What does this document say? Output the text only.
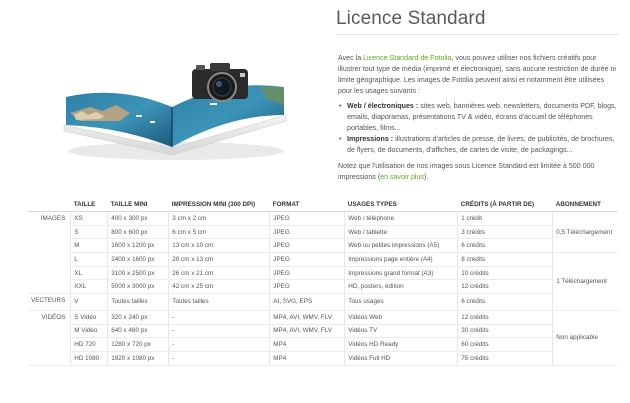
Licence Standard

Avec la Licence Standard de Fotolia, vous pouvez utiliser nos fichiers créatifs pour illustrer tout type de média (imprimé et électronique), sans aucune restriction de durée ni limite géographique. Les images de Fotolia peuvent ainsi et notamment être utilisées pour les usages suivants :

• Web / électroniques : sites web, bannières web, newsletters, documents PDF, blogs, emails, diaporamas, présentations TV & vidéo, écrans d'accueil de téléphones portables, films...
• Impressions : illustrations d'articles de presse, de livres, de publicités, de brochures, de flyers, de documents, d'affiches, de cartes de visite, de packagings...

Notez que l'utilisation de nos images sous Licence Standard est limitée à 500 000 impressions (en savoir plus).

	TAILLE	TAILLE MINI	IMPRESSION MINI (300 DPI)	FORMAT	USAGES TYPES	CRÉDITS (À PARTIR DE)	ABONNEMENT
IMAGES	XS	400 x 300 px	3 cm x 2 cm	JPEG	Web / téléphone	1 crédit	0,5 Téléchargement
	S	800 x 600 px	6 cm x 5 cm	JPEG	Web / tablette	3 crédits	
	M	1600 x 1200 px	13 cm x 10 cm	JPEG	Web ou petites impressions (A5)	6 crédits	
	L	2400 x 1600 px	20 cm x 13 cm	JPEG	Impressions page entière (A4)	8 crédits	1 Téléchargement
	XL	3100 x 2500 px	26 cm x 21 cm	JPEG	Impressions grand format (A3)	10 crédits	
	XXL	5000 x 3000 px	42 cm x 25 cm	JPEG	HD, posters, édition	12 crédits	
VECTEURS	V	Toutes tailles	Toutes tailles	AI, SVG, EPS	Tous usages	6 crédits	
VIDÉOS	S Vidéo	320 x 240 px	-	MP4, AVI, WMV, FLV	Vidéos Web	12 crédits	Non applicable
	M Vidéo	640 x 480 px	-	MP4, AVI, WMV, FLV	Vidéos TV	30 crédits	
	HD 720	1280 x 720 px	-	MP4	Vidéos HD Ready	60 crédits	
	HD 1080	1920 x 1080 px	-	MP4	Vidéos Full HD	75 crédits	
